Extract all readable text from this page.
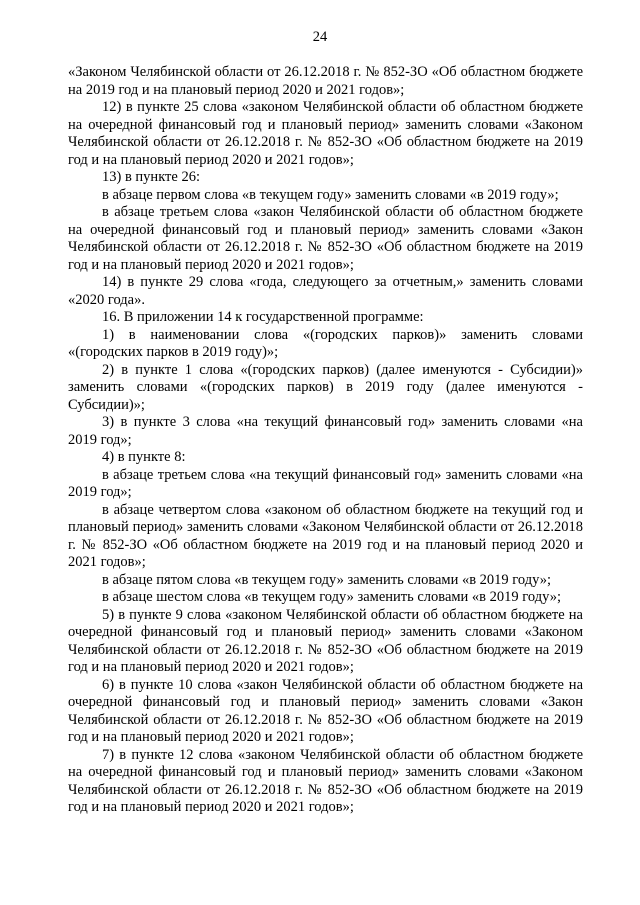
24

«Законом Челябинской области от 26.12.2018 г. № 852-ЗО «Об областном бюджете на 2019 год и на плановый период 2020 и 2021 годов»;

12) в пункте 25 слова «законом Челябинской области об областном бюджете на очередной финансовый год и плановый период» заменить словами «Законом Челябинской области от 26.12.2018 г. № 852-ЗО «Об областном бюджете на 2019 год и на плановый период 2020 и 2021 годов»;

13) в пункте 26:

в абзаце первом слова «в текущем году» заменить словами «в 2019 году»;

в абзаце третьем слова «закон Челябинской области об областном бюджете на очередной финансовый год и плановый период» заменить словами «Закон Челябинской области от 26.12.2018 г. № 852-ЗО «Об областном бюджете на 2019 год и на плановый период 2020 и 2021 годов»;

14) в пункте 29 слова «года, следующего за отчетным,» заменить словами «2020 года».

16. В приложении 14 к государственной программе:

1) в наименовании слова «(городских парков)» заменить словами «(городских парков в 2019 году)»;

2) в пункте 1 слова «(городских парков) (далее именуются - Субсидии)» заменить словами «(городских парков) в 2019 году (далее именуются - Субсидии)»;

3) в пункте 3 слова «на текущий финансовый год» заменить словами «на 2019 год»;

4) в пункте 8:

в абзаце третьем слова «на текущий финансовый год» заменить словами «на 2019 год»;

в абзаце четвертом слова «законом об областном бюджете на текущий год и плановый период» заменить словами «Законом Челябинской области от 26.12.2018 г. № 852-ЗО «Об областном бюджете на 2019 год и на плановый период 2020 и 2021 годов»;

в абзаце пятом слова «в текущем году» заменить словами «в 2019 году»;

в абзаце шестом слова «в текущем году» заменить словами «в 2019 году»;

5) в пункте 9 слова «законом Челябинской области об областном бюджете на очередной финансовый год и плановый период» заменить словами «Законом Челябинской области от 26.12.2018 г. № 852-ЗО «Об областном бюджете на 2019 год и на плановый период 2020 и 2021 годов»;

6) в пункте 10 слова «закон Челябинской области об областном бюджете на очередной финансовый год и плановый период» заменить словами «Закон Челябинской области от 26.12.2018 г. № 852-ЗО «Об областном бюджете на 2019 год и на плановый период 2020 и 2021 годов»;

7) в пункте 12 слова «законом Челябинской области об областном бюджете на очередной финансовый год и плановый период» заменить словами «Законом Челябинской области от 26.12.2018 г. № 852-ЗО «Об областном бюджете на 2019 год и на плановый период 2020 и 2021 годов»;
